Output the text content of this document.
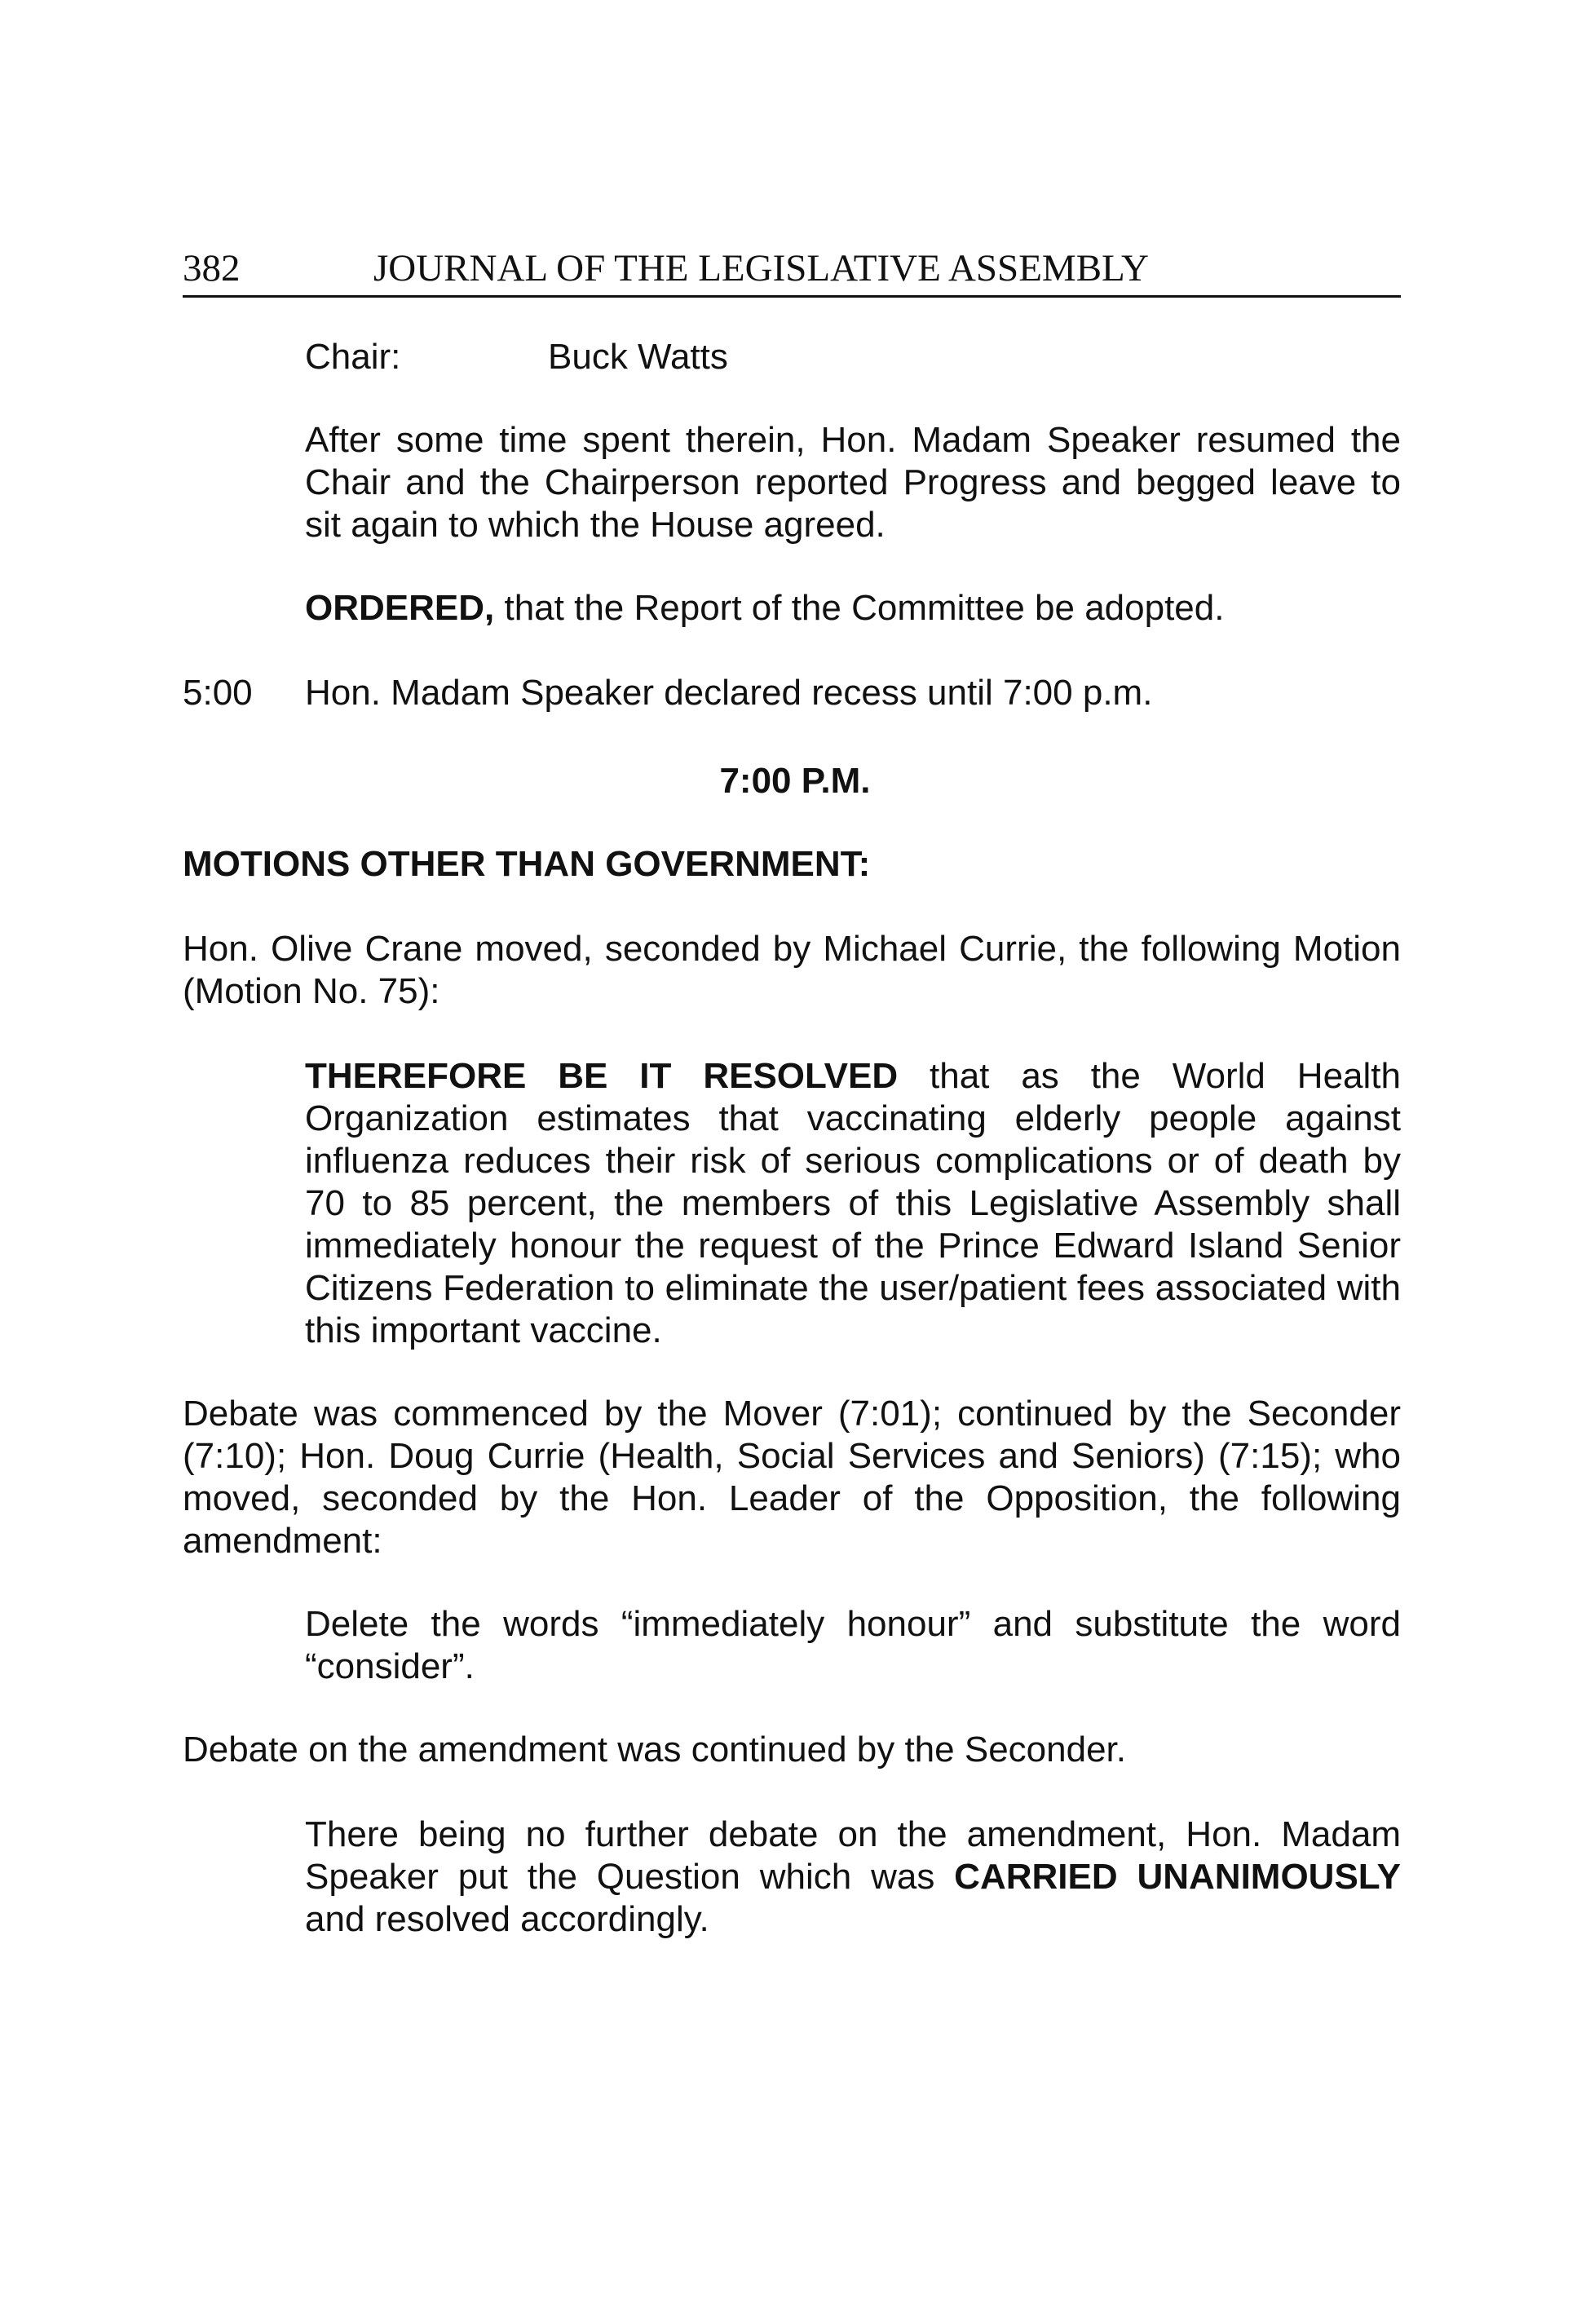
382	JOURNAL OF THE LEGISLATIVE ASSEMBLY
Chair:	Buck Watts

After some time spent therein, Hon. Madam Speaker resumed the Chair and the Chairperson reported Progress and begged leave to sit again to which the House agreed.

ORDERED, that the Report of the Committee be adopted.

5:00 Hon. Madam Speaker declared recess until 7:00 p.m.
7:00 P.M.
MOTIONS OTHER THAN GOVERNMENT:

Hon. Olive Crane moved, seconded by Michael Currie, the following Motion (Motion No. 75):

THEREFORE BE IT RESOLVED that as the World Health Organization estimates that vaccinating elderly people against influenza reduces their risk of serious complications or of death by 70 to 85 percent, the members of this Legislative Assembly shall immediately honour the request of the Prince Edward Island Senior Citizens Federation to eliminate the user/patient fees associated with this important vaccine.

Debate was commenced by the Mover (7:01); continued by the Seconder (7:10); Hon. Doug Currie (Health, Social Services and Seniors) (7:15); who moved, seconded by the Hon. Leader of the Opposition, the following amendment:

Delete the words “immediately honour” and substitute the word “consider”.

Debate on the amendment was continued by the Seconder.

There being no further debate on the amendment, Hon. Madam Speaker put the Question which was CARRIED UNANIMOUSLY and resolved accordingly.
